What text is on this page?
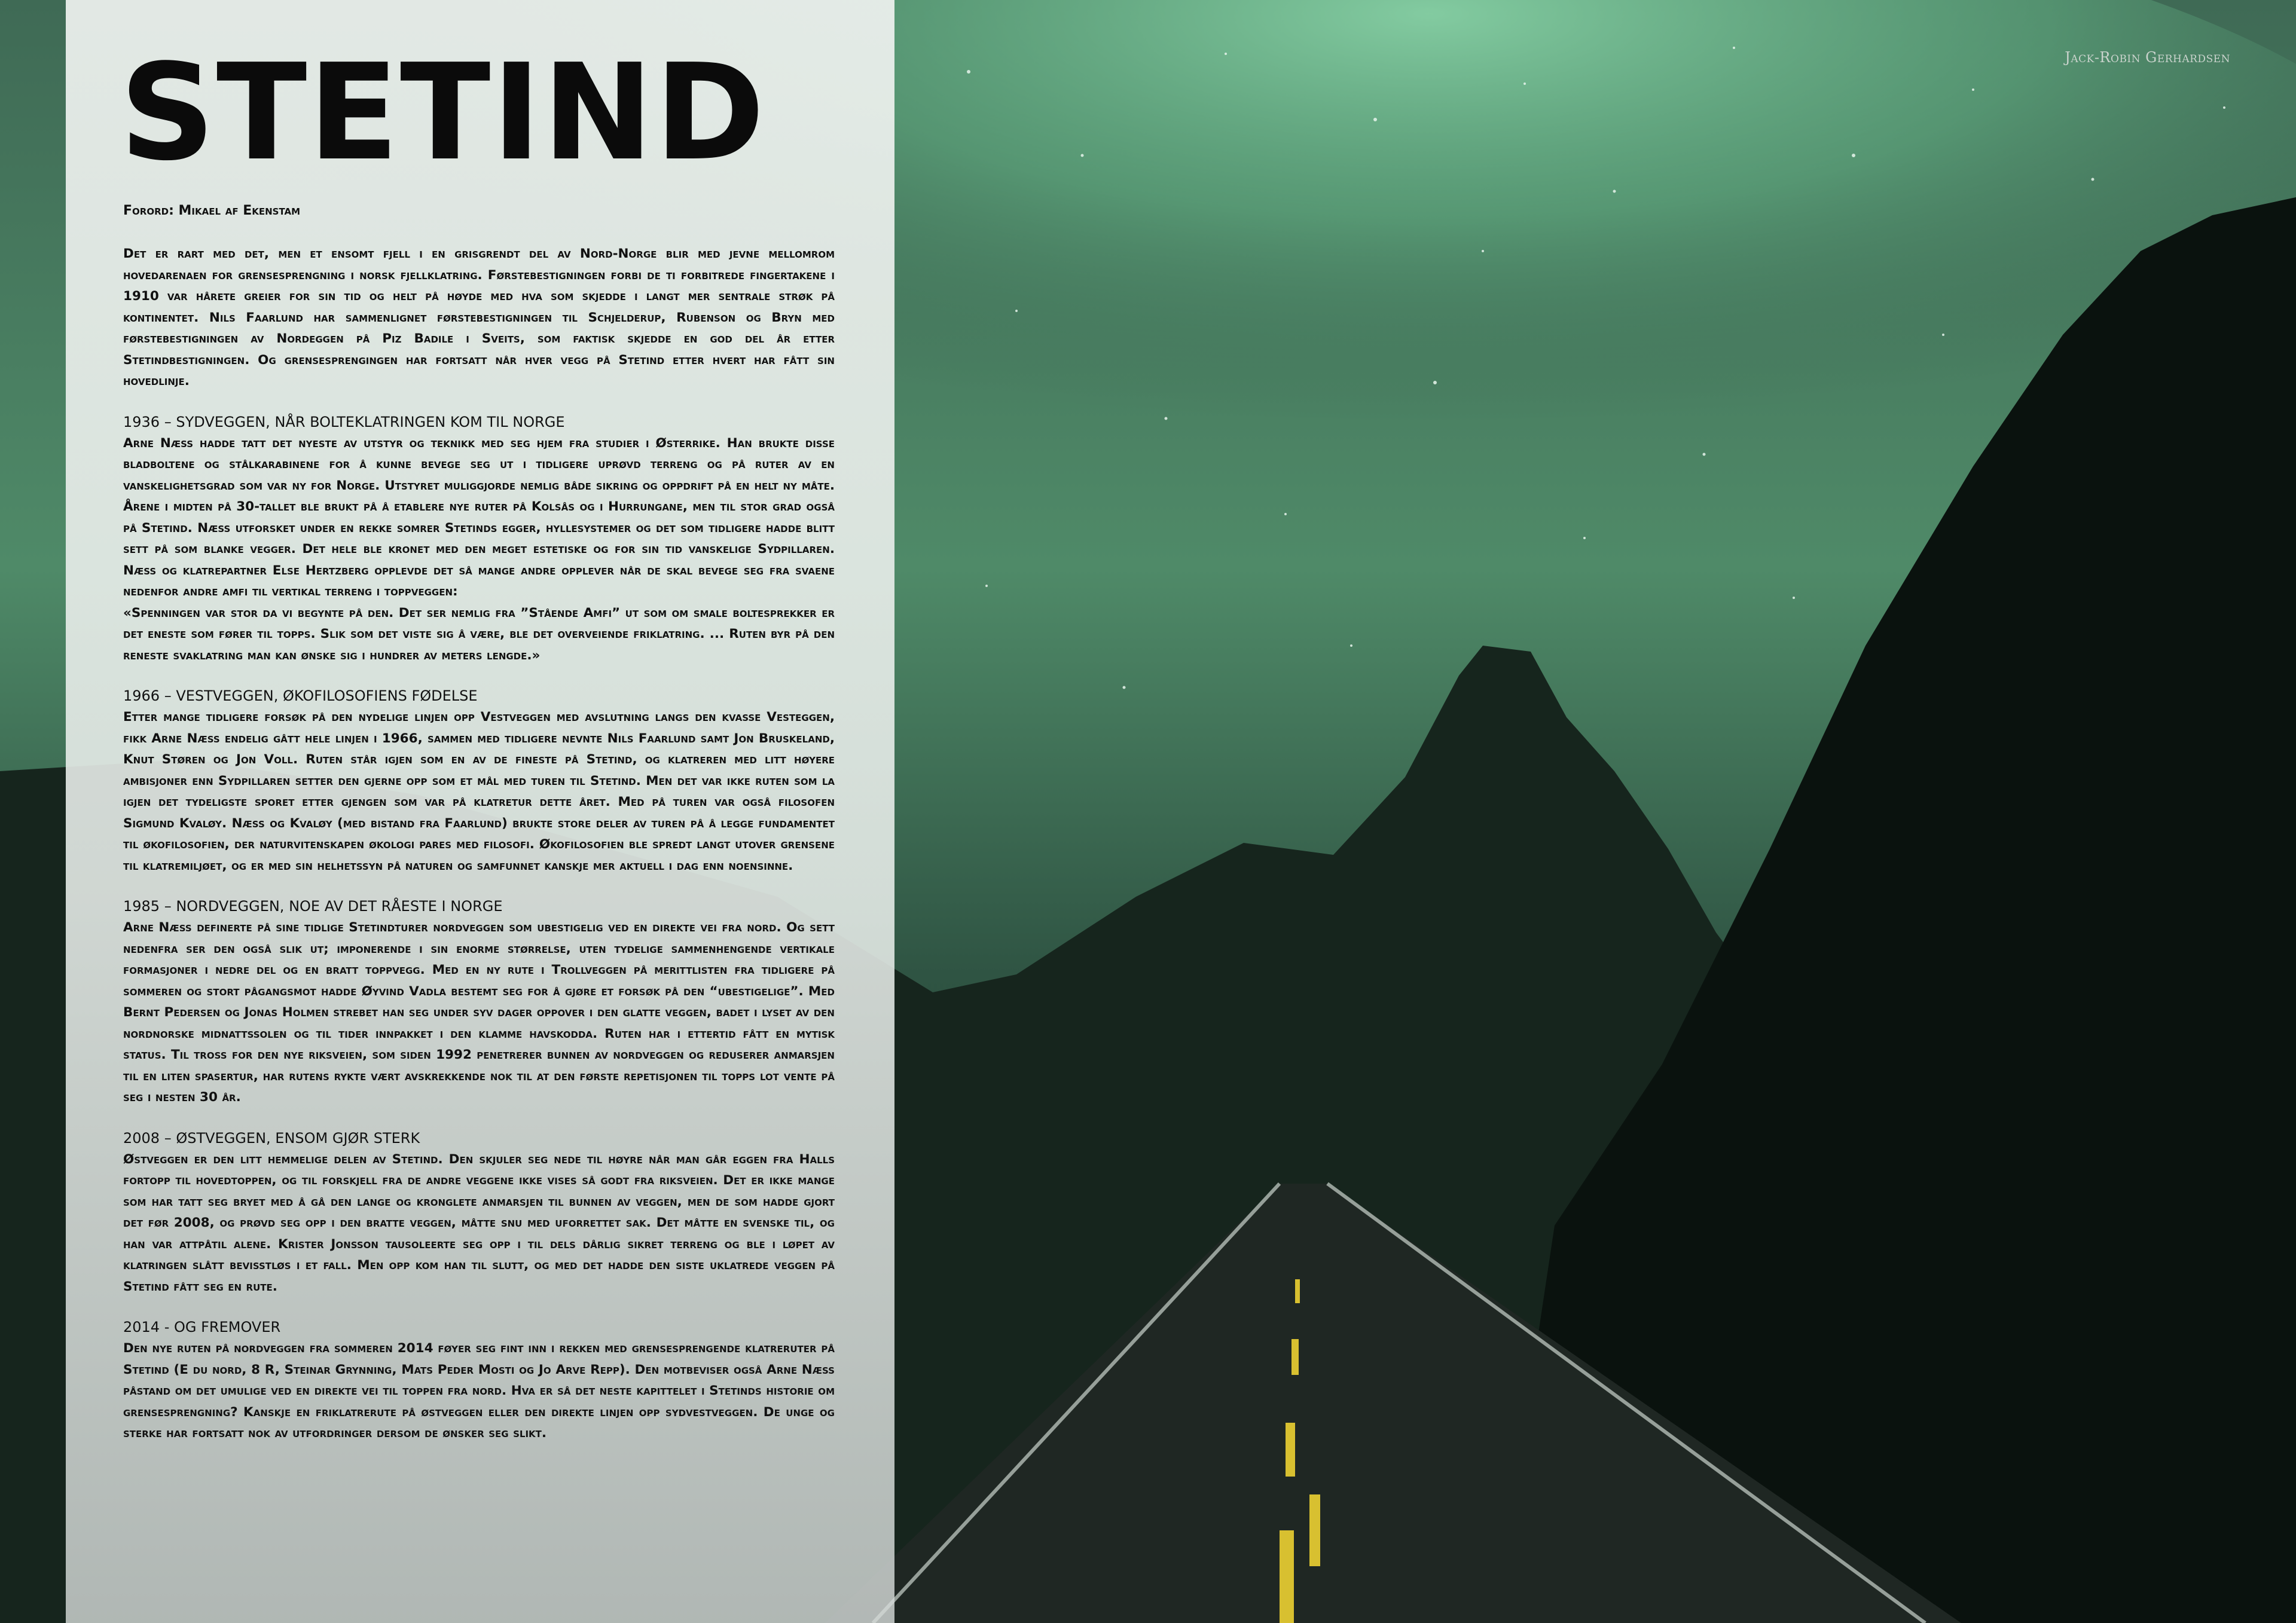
Jack-Robin Gerhardsen
STETIND

Forord: Mikael af Ekenstam

Det er rart med det, men et ensomt fjell i en grisgrendt del av Nord-Norge blir med jevne mellomrom hovedarenaen for grensesprengning i norsk fjellklatring. Førstebestigningen forbi de ti forbitrede fingertakene i 1910 var hårete greier for sin tid og helt på høyde med hva som skjedde i langt mer sentrale strøk på kontinentet. Nils Faarlund har sammenlignet førstebestigningen til Schjelderup, Rubenson og Bryn med førstebestigningen av Nordeggen på Piz Badile i Sveits, som faktisk skjedde en god del år etter Stetindbestigningen. Og grensesprengingen har fortsatt når hver vegg på Stetind etter hvert har fått sin hovedlinje.

1936 – SYDVEGGEN, NÅR BOLTEKLATRINGEN KOM TIL NORGE

Arne Næss hadde tatt det nyeste av utstyr og teknikk med seg hjem fra studier i Østerrike. Han brukte disse bladboltene og stålkarabinene for å kunne bevege seg ut i tidligere uprøvd terreng og på ruter av en vanskelighetsgrad som var ny for Norge. Utstyret muliggjorde nemlig både sikring og oppdrift på en helt ny måte. Årene i midten på 30-tallet ble brukt på å etablere nye ruter på Kolsås og i Hurrungane, men til stor grad også på Stetind. Næss utforsket under en rekke somrer Stetinds egger, hyllesystemer og det som tidligere hadde blitt sett på som blanke vegger. Det hele ble kronet med den meget estetiske og for sin tid vanskelige Sydpillaren. Næss og klatrepartner Else Hertzberg opplevde det så mange andre opplever når de skal bevege seg fra svaene nedenfor andre amfi til vertikal terreng i toppveggen:

«Spenningen var stor da vi begynte på den. Det ser nemlig fra ”Stående Amfi” ut som om smale boltesprekker er det eneste som fører til topps. Slik som det viste sig å være, ble det overveiende friklatring. ... Ruten byr på den reneste svaklatring man kan ønske sig i hundrer av meters lengde.»

1966 – VESTVEGGEN, ØKOFILOSOFIENS FØDELSE

Etter mange tidligere forsøk på den nydelige linjen opp Vestveggen med avslutning langs den kvasse Vesteggen, fikk Arne Næss endelig gått hele linjen i 1966, sammen med tidligere nevnte Nils Faarlund samt Jon Bruskeland, Knut Støren og Jon Voll. Ruten står igjen som en av de fineste på Stetind, og klatreren med litt høyere ambisjoner enn Sydpillaren setter den gjerne opp som et mål med turen til Stetind. Men det var ikke ruten som la igjen det tydeligste sporet etter gjengen som var på klatretur dette året. Med på turen var også filosofen Sigmund Kvaløy. Næss og Kvaløy (med bistand fra Faarlund) brukte store deler av turen på å legge fundamentet til økofilosofien, der naturvitenskapen økologi pares med filosofi. Økofilosofien ble spredt langt utover grensene til klatremiljøet, og er med sin helhetssyn på naturen og samfunnet kanskje mer aktuell i dag enn noensinne.

1985 – NORDVEGGEN, NOE AV DET RÅESTE I NORGE

Arne Næss definerte på sine tidlige Stetindturer nordveggen som ubestigelig ved en direkte vei fra nord. Og sett nedenfra ser den også slik ut; imponerende i sin enorme størrelse, uten tydelige sammenhengende vertikale formasjoner i nedre del og en bratt toppvegg. Med en ny rute i Trollveggen på merittlisten fra tidligere på sommeren og stort pågangsmot hadde Øyvind Vadla bestemt seg for å gjøre et forsøk på den “ubestigelige”. Med Bernt Pedersen og Jonas Holmen strebet han seg under syv dager oppover i den glatte veggen, badet i lyset av den nordnorske midnattssolen og til tider innpakket i den klamme havskodda. Ruten har i ettertid fått en mytisk status. Til tross for den nye riksveien, som siden 1992 penetrerer bunnen av nordveggen og reduserer anmarsjen til en liten spasertur, har rutens rykte vært avskrekkende nok til at den første repetisjonen til topps lot vente på seg i nesten 30 år.

2008 – ØSTVEGGEN, ENSOM GJØR STERK

Østveggen er den litt hemmelige delen av Stetind. Den skjuler seg nede til høyre når man går eggen fra Halls fortopp til hovedtoppen, og til forskjell fra de andre veggene ikke vises så godt fra riksveien. Det er ikke mange som har tatt seg bryet med å gå den lange og kronglete anmarsjen til bunnen av veggen, men de som hadde gjort det før 2008, og prøvd seg opp i den bratte veggen, måtte snu med uforrettet sak. Det måtte en svenske til, og han var attpåtil alene. Krister Jonsson tausoleerte seg opp i til dels dårlig sikret terreng og ble i løpet av klatringen slått bevisstløs i et fall. Men opp kom han til slutt, og med det hadde den siste uklatrede veggen på Stetind fått seg en rute.

2014 - OG FREMOVER

Den nye ruten på nordveggen fra sommeren 2014 føyer seg fint inn i rekken med grensesprengende klatreruter på Stetind (E du nord, 8 R, Steinar Grynning, Mats Peder Mosti og Jo Arve Repp). Den motbeviser også Arne Næss påstand om det umulige ved en direkte vei til toppen fra nord. Hva er så det neste kapittelet i Stetinds historie om grensesprengning? Kanskje en friklatrerute på østveggen eller den direkte linjen opp sydvestveggen. De unge og sterke har fortsatt nok av utfordringer dersom de ønsker seg slikt.
